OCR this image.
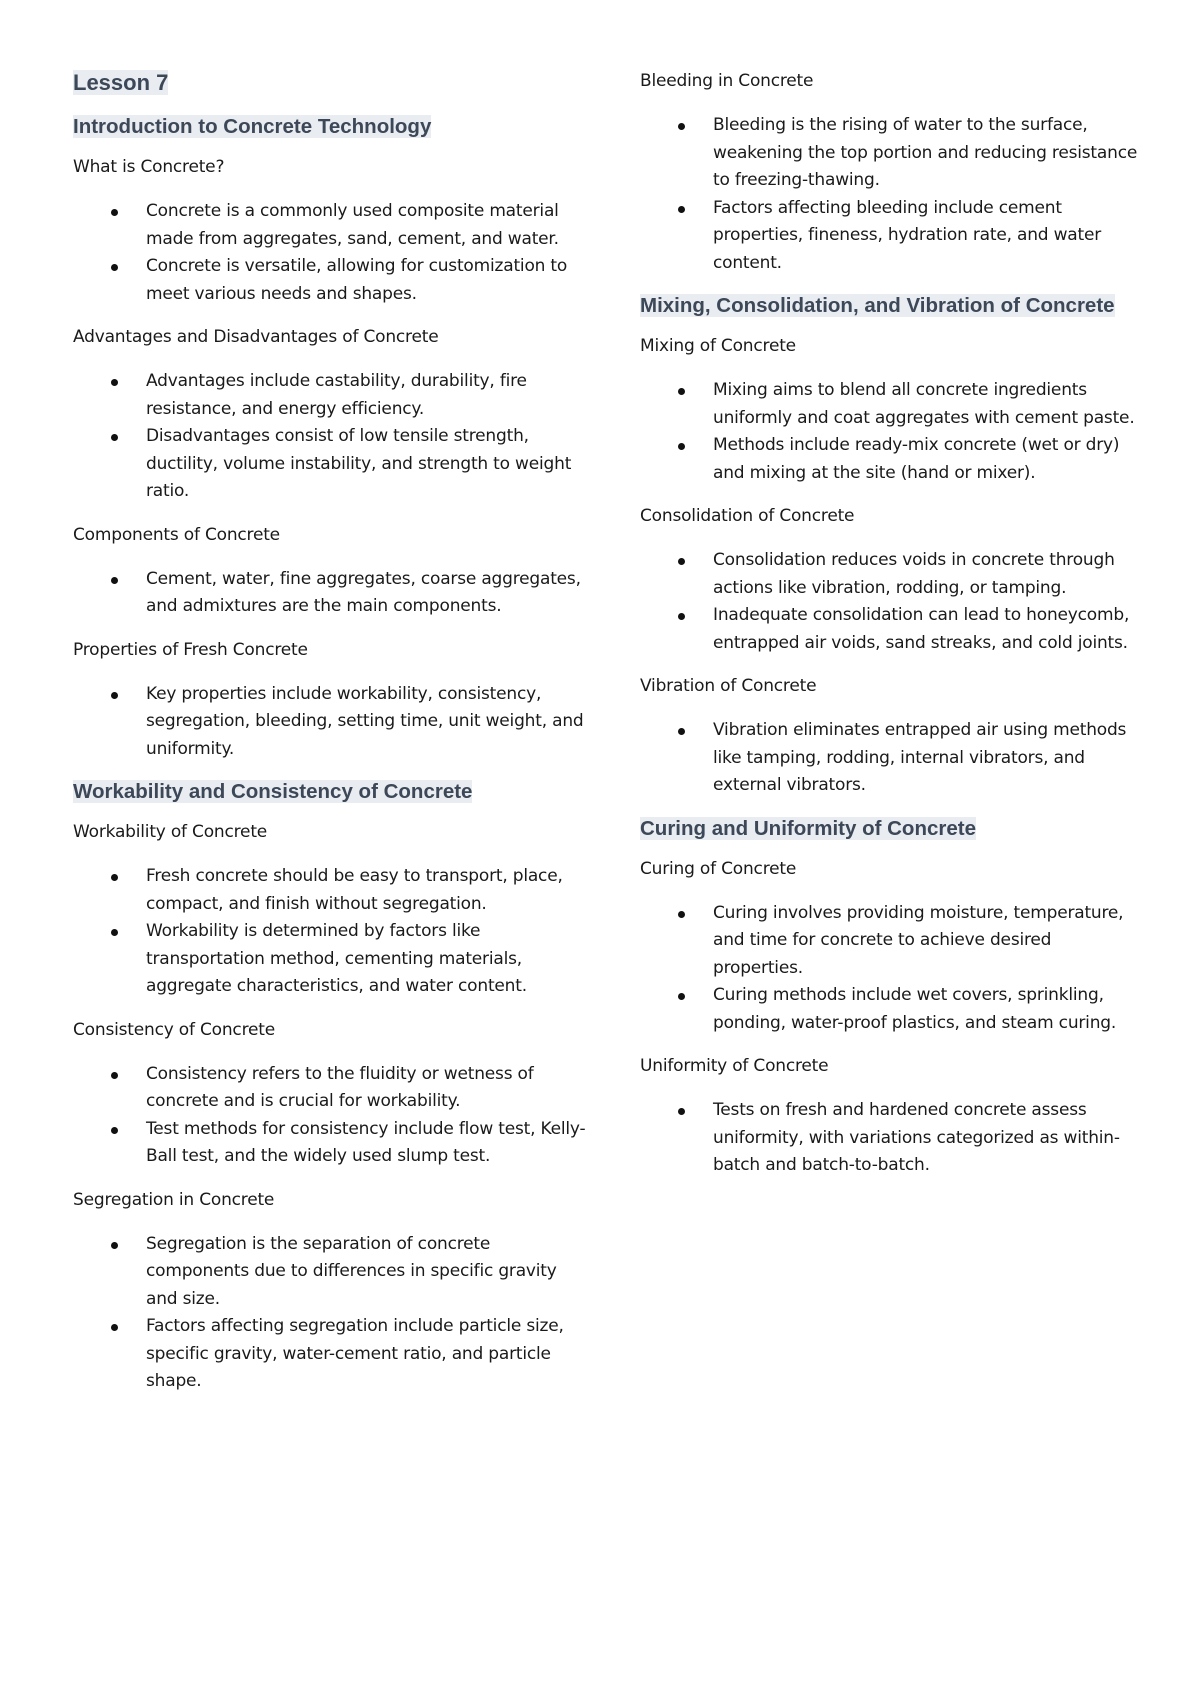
Lesson 7
Introduction to Concrete Technology
What is Concrete?
Concrete is a commonly used composite material made from aggregates, sand, cement, and water.
Concrete is versatile, allowing for customization to meet various needs and shapes.
Advantages and Disadvantages of Concrete
Advantages include castability, durability, fire resistance, and energy efficiency.
Disadvantages consist of low tensile strength, ductility, volume instability, and strength to weight ratio.
Components of Concrete
Cement, water, fine aggregates, coarse aggregates, and admixtures are the main components.
Properties of Fresh Concrete
Key properties include workability, consistency, segregation, bleeding, setting time, unit weight, and uniformity.
Workability and Consistency of Concrete
Workability of Concrete
Fresh concrete should be easy to transport, place, compact, and finish without segregation.
Workability is determined by factors like transportation method, cementing materials, aggregate characteristics, and water content.
Consistency of Concrete
Consistency refers to the fluidity or wetness of concrete and is crucial for workability.
Test methods for consistency include flow test, Kelly-Ball test, and the widely used slump test.
Segregation in Concrete
Segregation is the separation of concrete components due to differences in specific gravity and size.
Factors affecting segregation include particle size, specific gravity, water-cement ratio, and particle shape.
Bleeding in Concrete
Bleeding is the rising of water to the surface, weakening the top portion and reducing resistance to freezing-thawing.
Factors affecting bleeding include cement properties, fineness, hydration rate, and water content.
Mixing, Consolidation, and Vibration of Concrete
Mixing of Concrete
Mixing aims to blend all concrete ingredients uniformly and coat aggregates with cement paste.
Methods include ready-mix concrete (wet or dry) and mixing at the site (hand or mixer).
Consolidation of Concrete
Consolidation reduces voids in concrete through actions like vibration, rodding, or tamping.
Inadequate consolidation can lead to honeycomb, entrapped air voids, sand streaks, and cold joints.
Vibration of Concrete
Vibration eliminates entrapped air using methods like tamping, rodding, internal vibrators, and external vibrators.
Curing and Uniformity of Concrete
Curing of Concrete
Curing involves providing moisture, temperature, and time for concrete to achieve desired properties.
Curing methods include wet covers, sprinkling, ponding, water-proof plastics, and steam curing.
Uniformity of Concrete
Tests on fresh and hardened concrete assess uniformity, with variations categorized as within-batch and batch-to-batch.
